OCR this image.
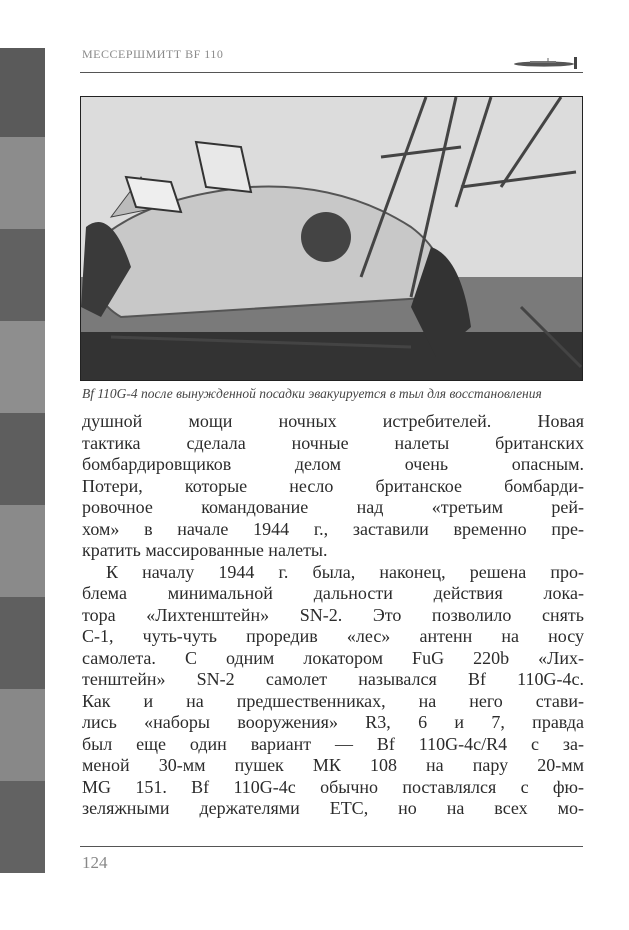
МЕССЕРШМИТТ BF 110
Bf 110G-4 после вынужденной посадки эвакуируется в тыл для восстановления
душной мощи ночных истребителей. Новая
тактика сделала ночные налеты британских
бомбардировщиков делом очень опасным.
Потери, которые несло британское бомбарди-
ровочное командование над «третьим рей-
хом» в начале 1944 г., заставили временно пре-
кратить массированные налеты.
К началу 1944 г. была, наконец, решена про-
блема минимальной дальности действия лока-
тора «Лихтенштейн» SN-2. Это позволило снять
С-1, чуть-чуть проредив «лес» антенн на носу
самолета. С одним локатором FuG 220b «Лих-
тенштейн» SN-2 самолет назывался Bf 110G-4c.
Как и на предшественниках, на него стави-
лись «наборы вооружения» R3, 6 и 7, правда
был еще один вариант — Bf 110G-4c/R4 с за-
меной 30-мм пушек МК 108 на пару 20-мм
MG 151. Bf 110G-4c обычно поставлялся с фю-
зеляжными держателями ЕТС, но на всех мо-
124
